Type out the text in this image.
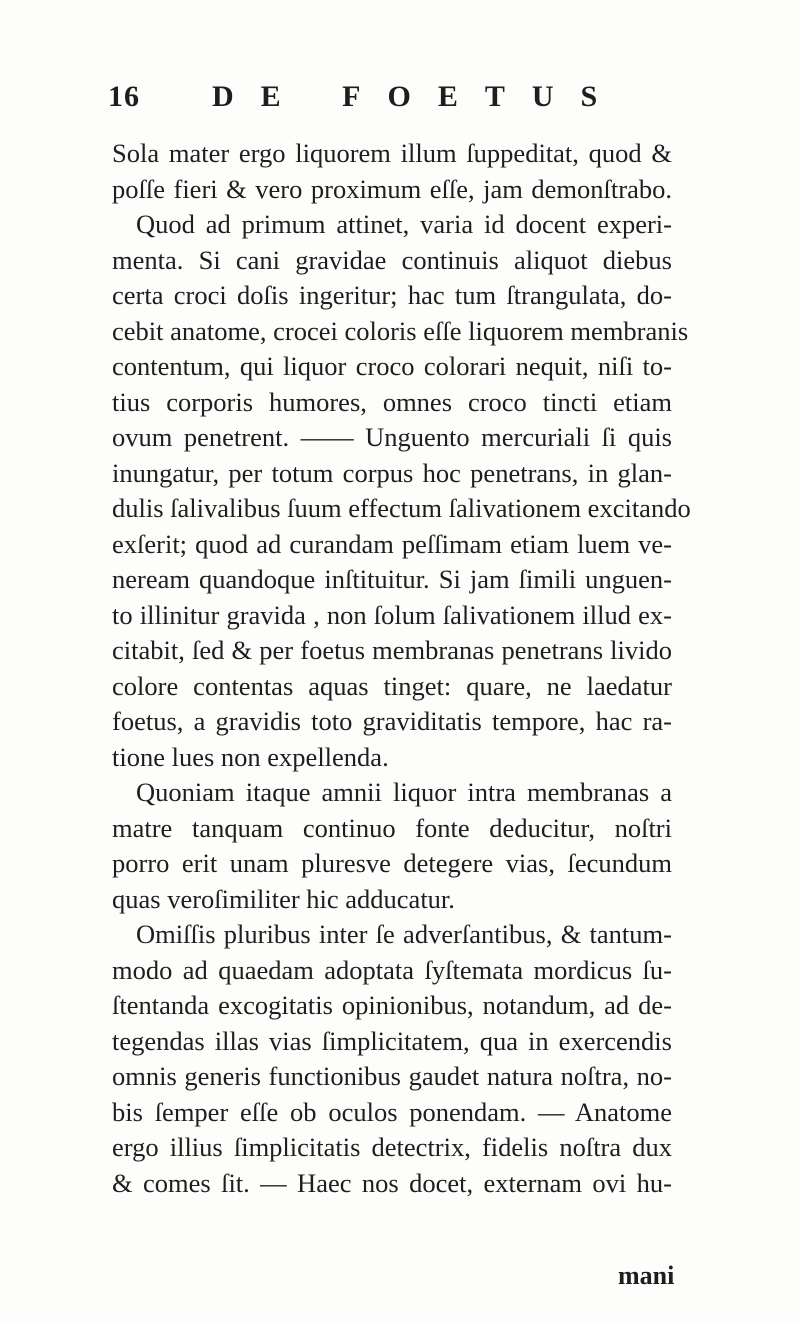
16 DE FOETUS
Sola mater ergo liquorem illum ſuppeditat, quod &
poſſe fieri & vero proximum eſſe, jam demonſtrabo.
Quod ad primum attinet, varia id docent experi-
menta. Si cani gravidae continuis aliquot diebus
certa croci doſis ingeritur; hac tum ſtrangulata, do-
cebit anatome, crocei coloris eſſe liquorem membranis
contentum, qui liquor croco colorari nequit, niſi to-
tius corporis humores, omnes croco tincti etiam
ovum penetrent. —— Unguento mercuriali ſi quis
inungatur, per totum corpus hoc penetrans, in glan-
dulis ſalivalibus ſuum effectum ſalivationem excitando
exſerit; quod ad curandam peſſimam etiam luem ve-
neream quandoque inſtituitur. Si jam ſimili unguen-
to illinitur gravida , non ſolum ſalivationem illud ex-
citabit, ſed & per foetus membranas penetrans livido
colore contentas aquas tinget: quare, ne laedatur
foetus, a gravidis toto graviditatis tempore, hac ra-
tione lues non expellenda.
Quoniam itaque amnii liquor intra membranas a
matre tanquam continuo fonte deducitur, noſtri
porro erit unam pluresve detegere vias, ſecundum
quas veroſimiliter hic adducatur.
Omiſſis pluribus inter ſe adverſantibus, & tantum-
modo ad quaedam adoptata ſyſtemata mordicus ſu-
ſtentanda excogitatis opinionibus, notandum, ad de-
tegendas illas vias ſimplicitatem, qua in exercendis
omnis generis functionibus gaudet natura noſtra, no-
bis ſemper eſſe ob oculos ponendam. — Anatome
ergo illius ſimplicitatis detectrix, fidelis noſtra dux
& comes ſit. — Haec nos docet, externam ovi hu-
mani
